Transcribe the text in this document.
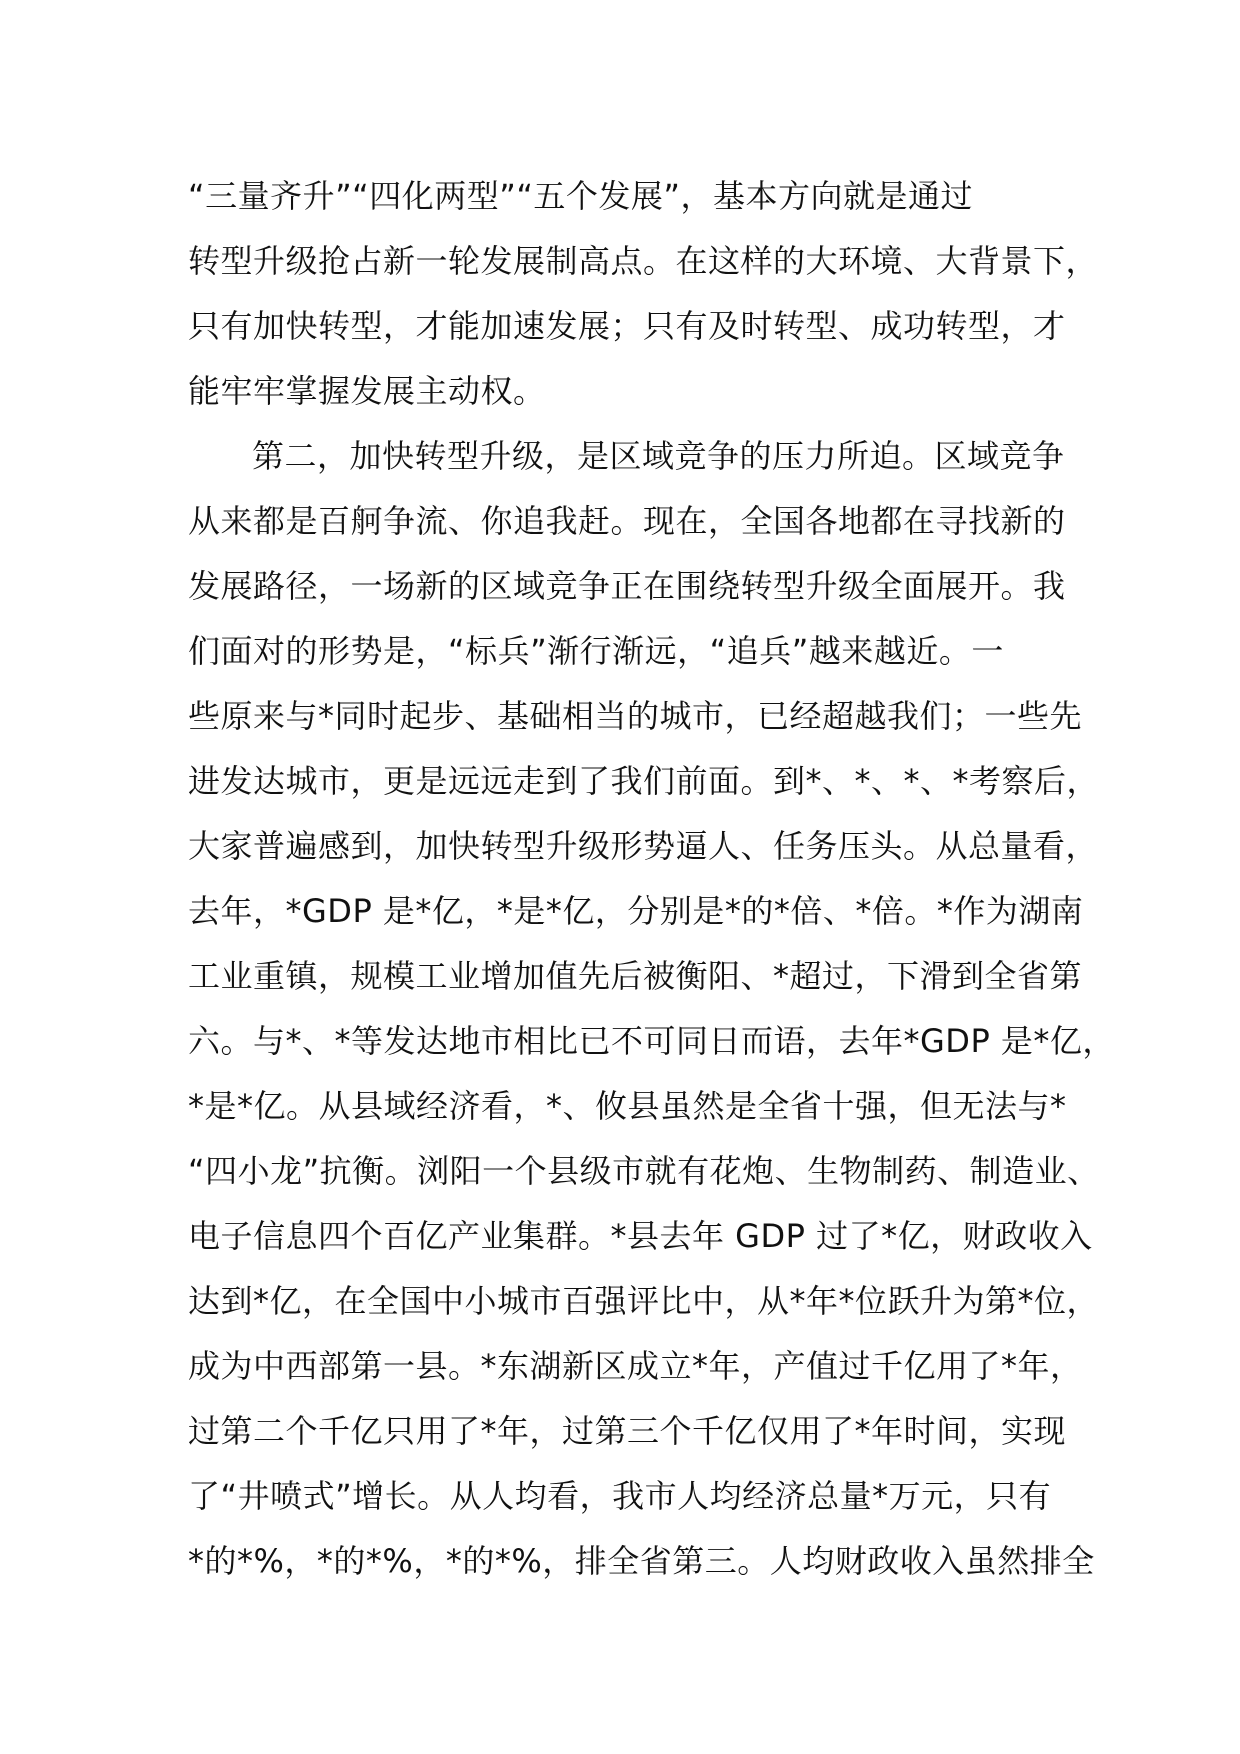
“三量齐升”“四化两型”“五个发展”，基本方向就是通过
转型升级抢占新一轮发展制高点。在这样的大环境、大背景下，
只有加快转型，才能加速发展；只有及时转型、成功转型，才
能牢牢掌握发展主动权。
第二，加快转型升级，是区域竞争的压力所迫。区域竞争
从来都是百舸争流、你追我赶。现在，全国各地都在寻找新的
发展路径，一场新的区域竞争正在围绕转型升级全面展开。我
们面对的形势是，“标兵”渐行渐远，“追兵”越来越近。一
些原来与*同时起步、基础相当的城市，已经超越我们；一些先
进发达城市，更是远远走到了我们前面。到*、*、*、*考察后，
大家普遍感到，加快转型升级形势逼人、任务压头。从总量看，
去年，*GDP 是*亿，*是*亿，分别是*的*倍、*倍。*作为湖南
工业重镇，规模工业增加值先后被衡阳、*超过，下滑到全省第
六。与*、*等发达地市相比已不可同日而语，去年*GDP 是*亿，
*是*亿。从县域经济看，*、攸县虽然是全省十强，但无法与*
“四小龙”抗衡。浏阳一个县级市就有花炮、生物制药、制造业、
电子信息四个百亿产业集群。*县去年 GDP 过了*亿，财政收入
达到*亿，在全国中小城市百强评比中，从*年*位跃升为第*位，
成为中西部第一县。*东湖新区成立*年，产值过千亿用了*年，
过第二个千亿只用了*年，过第三个千亿仅用了*年时间，实现
了“井喷式”增长。从人均看，我市人均经济总量*万元，只有
*的*%，*的*%，*的*%，排全省第三。人均财政收入虽然排全
